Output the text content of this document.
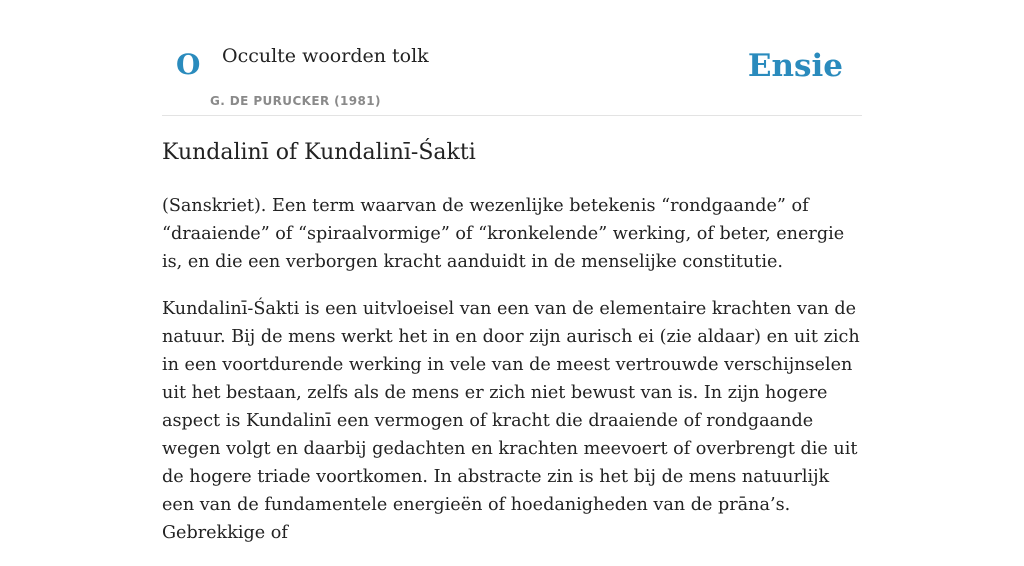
O Occulte woorden tolk
G. DE PURUCKER (1981)
Ensie
Kundalinī of Kundalinī-Śakti

(Sanskriet). Een term waarvan de wezenlijke betekenis “rondgaande” of “draaiende” of “spiraalvormige” of “kronkelende” werking, of beter, energie is, en die een verborgen kracht aanduidt in de menselijke constitutie.

Kundalinī-Śakti is een uitvloeisel van een van de elementaire krachten van de natuur. Bij de mens werkt het in en door zijn aurisch ei (zie aldaar) en uit zich in een voortdurende werking in vele van de meest vertrouwde verschijnselen uit het bestaan, zelfs als de mens er zich niet bewust van is. In zijn hogere aspect is Kundalinī een vermogen of kracht die draaiende of rondgaande wegen volgt en daarbij gedachten en krachten meevoert of overbrengt die uit de hogere triade voortkomen. In abstracte zin is het bij de mens natuurlijk een van de fundamentele energieën of hoedanigheden van de prāna’s. Gebrekkige of
